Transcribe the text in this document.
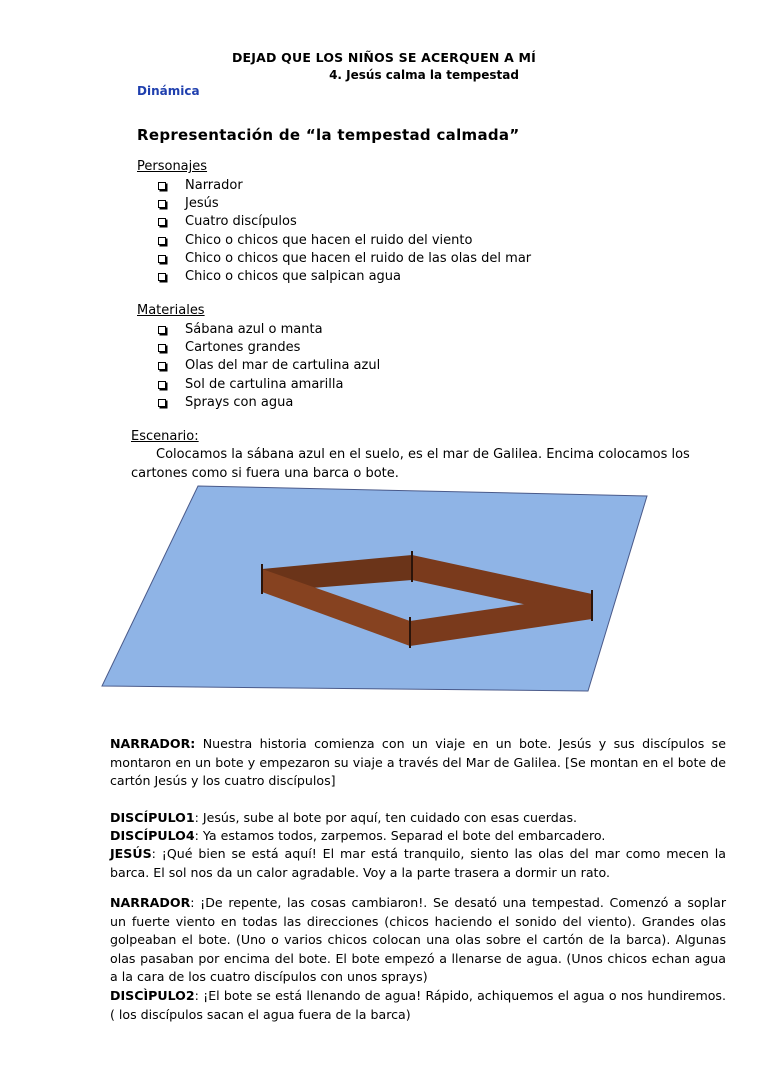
DEJAD QUE LOS NIÑOS SE ACERQUEN A MÍ
4. Jesús calma la tempestad
Dinámica
Representación de “la tempestad calmada”
Personajes
Narrador
Jesús
Cuatro discípulos
Chico o chicos que hacen el ruido del viento
Chico o chicos que hacen el ruido de las olas del mar
Chico o chicos que salpican agua
Materiales
Sábana azul o manta
Cartones grandes
Olas del mar de cartulina azul
Sol de cartulina amarilla
Sprays con agua
Escenario:
Colocamos la sábana azul en el suelo, es el mar de Galilea. Encima colocamos los cartones como si fuera una barca o bote.
NARRADOR: Nuestra historia comienza con un viaje en un bote. Jesús y sus discípulos se montaron en un bote y empezaron su viaje a través del Mar de Galilea. [Se montan en el bote de cartón Jesús y los cuatro discípulos]
DISCÍPULO1: Jesús, sube al bote por aquí, ten cuidado con esas cuerdas.
DISCÍPULO4: Ya estamos todos, zarpemos. Separad el bote del embarcadero.
JESÚS: ¡Qué bien se está aquí! El mar está tranquilo, siento las olas del mar como mecen la barca. El sol nos da un calor agradable. Voy a la parte trasera a dormir un rato.
NARRADOR: ¡De repente, las cosas cambiaron!. Se desató una tempestad. Comenzó a soplar un fuerte viento en todas las direcciones (chicos haciendo el sonido del viento). Grandes olas golpeaban el bote. (Uno o varios chicos colocan una olas sobre el cartón de la barca). Algunas olas pasaban por encima del bote. El bote empezó a llenarse de agua. (Unos chicos echan agua a la cara de los cuatro discípulos con unos sprays)
DISCÌPULO2: ¡El bote se está llenando de agua! Rápido, achiquemos el agua o nos hundiremos. ( los discípulos sacan el agua fuera de la barca)
